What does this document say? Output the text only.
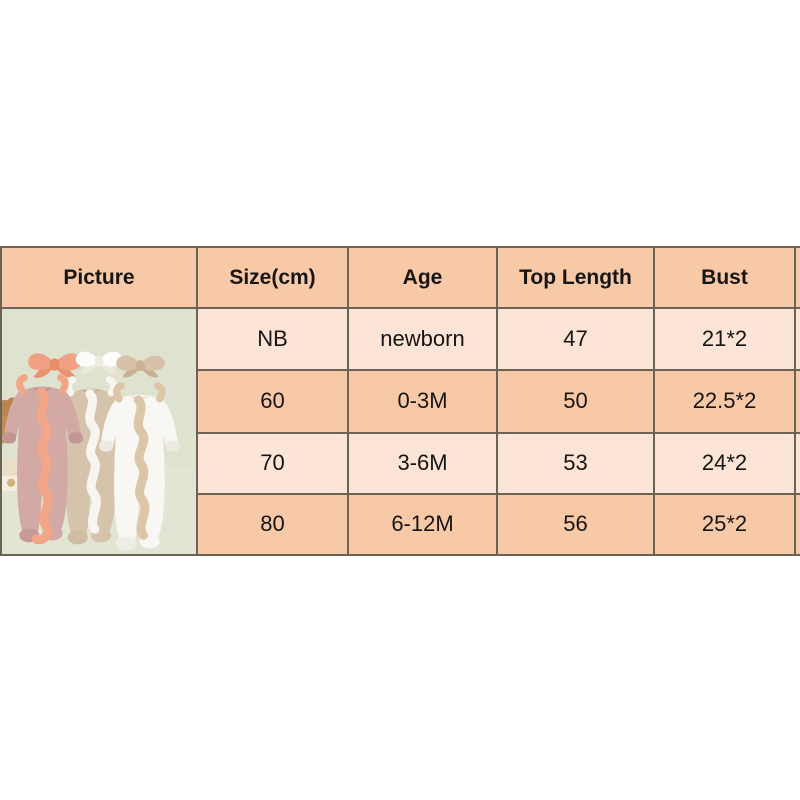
Picture	Size(cm)	Age	Top Length	Bust	

	NB	newborn	47	21*2	
	60	0-3M	50	22.5*2	
	70	3-6M	53	24*2	
	80	6-12M	56	25*2	
